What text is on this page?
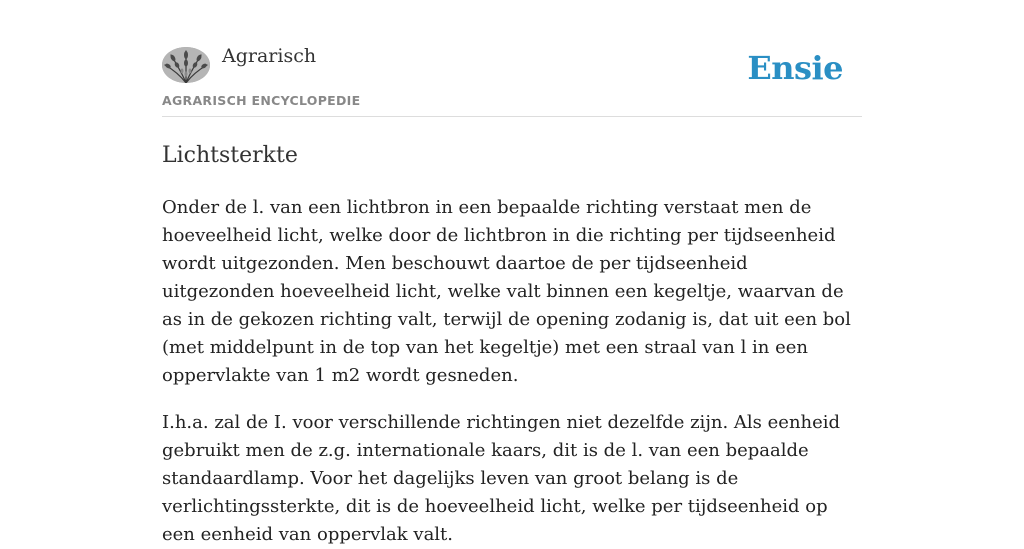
Agrarisch
AGRARISCH ENCYCLOPEDIE
Ensie
Lichtsterkte

Onder de l. van een lichtbron in een bepaalde richting verstaat men de hoeveelheid licht, welke door de lichtbron in die richting per tijdseenheid wordt uitgezonden. Men beschouwt daartoe de per tijdseenheid uitgezonden hoeveelheid licht, welke valt binnen een kegeltje, waarvan de as in de gekozen richting valt, terwijl de opening zodanig is, dat uit een bol (met middelpunt in de top van het kegeltje) met een straal van l in een oppervlakte van 1 m2 wordt gesneden.

I.h.a. zal de I. voor verschillende richtingen niet dezelfde zijn. Als eenheid gebruikt men de z.g. internationale kaars, dit is de l. van een bepaalde standaardlamp. Voor het dagelijks leven van groot belang is de verlichtingssterkte, dit is de hoeveelheid licht, welke per tijdseenheid op een eenheid van oppervlak valt.
